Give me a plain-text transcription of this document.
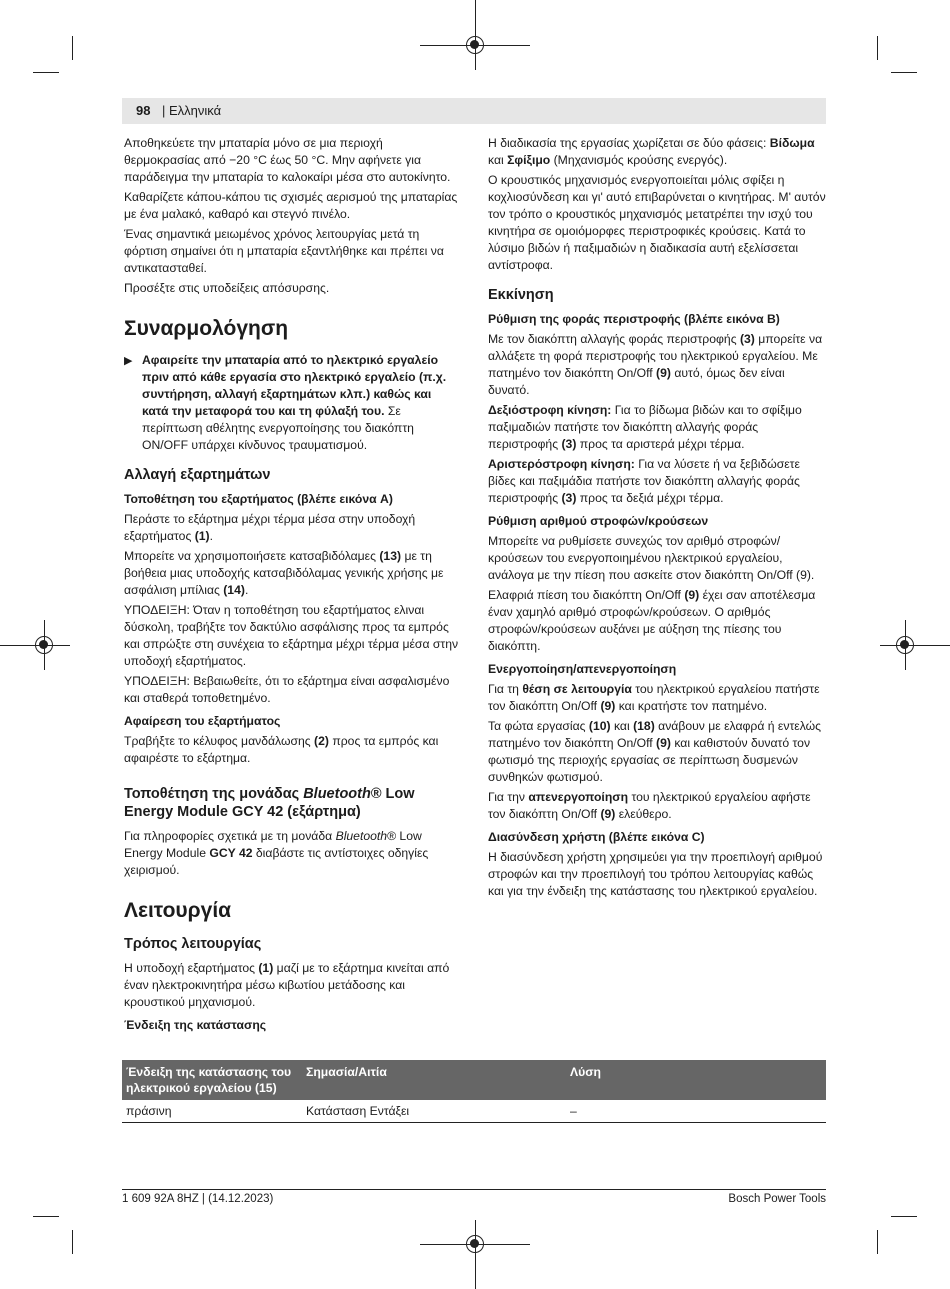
98 | Ελληνικά

Αποθηκεύετε την μπαταρία μόνο σε μια περιοχή θερμοκρασίας από −20 °C έως 50 °C. Μην αφήνετε για παράδειγμα την μπαταρία το καλοκαίρι μέσα στο αυτοκίνητο.

Καθαρίζετε κάπου-κάπου τις σχισμές αερισμού της μπαταρίας με ένα μαλακό, καθαρό και στεγνό πινέλο.

Ένας σημαντικά μειωμένος χρόνος λειτουργίας μετά τη φόρτιση σημαίνει ότι η μπαταρία εξαντλήθηκε και πρέπει να αντικατασταθεί.

Προσέξτε στις υποδείξεις απόσυρσης.

Συναρμολόγηση
▶ Αφαιρείτε την μπαταρία από το ηλεκτρικό εργαλείο πριν από κάθε εργασία στο ηλεκτρικό εργαλείο (π.χ. συντήρηση, αλλαγή εξαρτημάτων κλπ.) καθώς και κατά την μεταφορά του και τη φύλαξή του. Σε περίπτωση αθέλητης ενεργοποίησης του διακόπτη ON/OFF υπάρχει κίνδυνος τραυματισμού.
Αλλαγή εξαρτημάτων
Τοποθέτηση του εξαρτήματος (βλέπε εικόνα A)

Περάστε το εξάρτημα μέχρι τέρμα μέσα στην υποδοχή εξαρτήματος (1).

Μπορείτε να χρησιμοποιήσετε κατσαβιδόλαμες (13) με τη βοήθεια μιας υποδοχής κατσαβιδόλαμας γενικής χρήσης με ασφάλιση μπίλιας (14).

ΥΠΟΔΕΙΞΗ: Όταν η τοποθέτηση του εξαρτήματος ελιναι δύσκολη, τραβήξτε τον δακτύλιο ασφάλισης προς τα εμπρός και σπρώξτε στη συνέχεια το εξάρτημα μέχρι τέρμα μέσα στην υποδοχή εξαρτήματος.

ΥΠΟΔΕΙΞΗ: Βεβαιωθείτε, ότι το εξάρτημα είναι ασφαλισμένο και σταθερά τοποθετημένο.

Αφαίρεση του εξαρτήματος

Τραβήξτε το κέλυφος μανδάλωσης (2) προς τα εμπρός και αφαιρέστε το εξάρτημα.

Τοποθέτηση της μονάδας Bluetooth® Low Energy Module GCY 42 (εξάρτημα)

Για πληροφορίες σχετικά με τη μονάδα Bluetooth® Low Energy Module GCY 42 διαβάστε τις αντίστοιχες οδηγίες χειρισμού.

Λειτουργία
Τρόπος λειτουργίας

Η υποδοχή εξαρτήματος (1) μαζί με το εξάρτημα κινείται από έναν ηλεκτροκινητήρα μέσω κιβωτίου μετάδοσης και κρουστικού μηχανισμού.

Ένδειξη της κατάστασης

Η διαδικασία της εργασίας χωρίζεται σε δύο φάσεις: Βίδωμα και Σφίξιμο (Μηχανισμός κρούσης ενεργός).

Ο κρουστικός μηχανισμός ενεργοποιείται μόλις σφίξει η κοχλιοσύνδεση και γι' αυτό επιβαρύνεται ο κινητήρας. Μ' αυτόν τον τρόπο ο κρουστικός μηχανισμός μετατρέπει την ισχύ του κινητήρα σε ομοιόμορφες περιστροφικές κρούσεις. Κατά το λύσιμο βιδών ή παξιμαδιών η διαδικασία αυτή εξελίσσεται αντίστροφα.

Εκκίνηση
Ρύθμιση της φοράς περιστροφής (βλέπε εικόνα B)

Με τον διακόπτη αλλαγής φοράς περιστροφής (3) μπορείτε να αλλάξετε τη φορά περιστροφής του ηλεκτρικού εργαλείου. Με πατημένο τον διακόπτη On/Off (9) αυτό, όμως δεν είναι δυνατό.

Δεξιόστροφη κίνηση: Για το βίδωμα βιδών και το σφίξιμο παξιμαδιών πατήστε τον διακόπτη αλλαγής φοράς περιστροφής (3) προς τα αριστερά μέχρι τέρμα.

Αριστερόστροφη κίνηση: Για να λύσετε ή να ξεβιδώσετε βίδες και παξιμάδια πατήστε τον διακόπτη αλλαγής φοράς περιστροφής (3) προς τα δεξιά μέχρι τέρμα.

Ρύθμιση αριθμού στροφών/κρούσεων

Μπορείτε να ρυθμίσετε συνεχώς τον αριθμό στροφών/κρούσεων του ενεργοποιημένου ηλεκτρικού εργαλείου, ανάλογα με την πίεση που ασκείτε στον διακόπτη On/Off (9).

Ελαφριά πίεση του διακόπτη On/Off (9) έχει σαν αποτέλεσμα έναν χαμηλό αριθμό στροφών/κρούσεων. Ο αριθμός στροφών/κρούσεων αυξάνει με αύξηση της πίεσης του διακόπτη.

Ενεργοποίηση/απενεργοποίηση

Για τη θέση σε λειτουργία του ηλεκτρικού εργαλείου πατήστε τον διακόπτη On/Off (9) και κρατήστε τον πατημένο.

Τα φώτα εργασίας (10) και (18) ανάβουν με ελαφρά ή εντελώς πατημένο τον διακόπτη On/Off (9) και καθιστούν δυνατό τον φωτισμό της περιοχής εργασίας σε περίπτωση δυσμενών συνθηκών φωτισμού.

Για την απενεργοποίηση του ηλεκτρικού εργαλείου αφήστε τον διακόπτη On/Off (9) ελεύθερο.

Διασύνδεση χρήστη (βλέπε εικόνα C)

Η διασύνδεση χρήστη χρησιμεύει για την προεπιλογή αριθμού στροφών και την προεπιλογή του τρόπου λειτουργίας καθώς και για την ένδειξη της κατάστασης του ηλεκτρικού εργαλείου.

Ένδειξη της κατάστασης του ηλεκτρικού εργαλείου (15)	Σημασία/Αιτία	Λύση
πράσινη	Κατάσταση Εντάξει	–
1 609 92A 8HZ | (14.12.2023)	Bosch Power Tools
